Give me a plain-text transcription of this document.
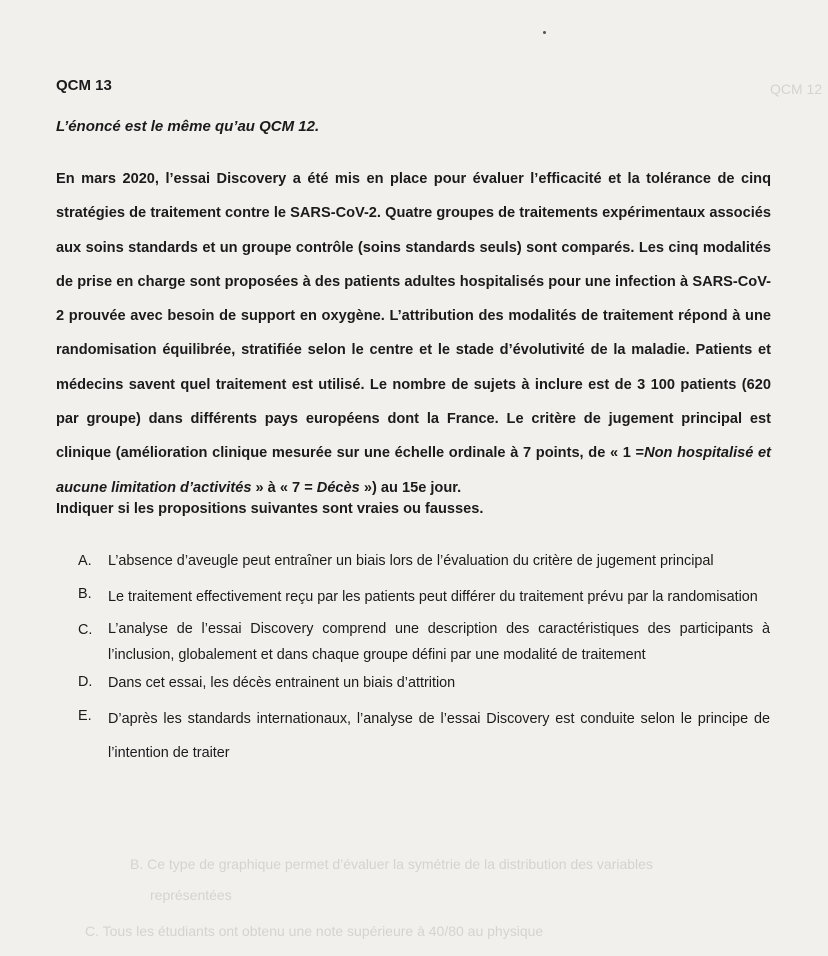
QCM 12
B. Ce type de graphique permet d’évaluer la symétrie de la distribution des variables
représentées
C. Tous les étudiants ont obtenu une note supérieure à 40/80 au physique
QCM 13
L’énoncé est le même qu’au QCM 12.
En mars 2020, l’essai Discovery a été mis en place pour évaluer l’efficacité et la tolérance de cinq stratégies de traitement contre le SARS-CoV-2. Quatre groupes de traitements expérimentaux associés aux soins standards et un groupe contrôle (soins standards seuls) sont comparés. Les cinq modalités de prise en charge sont proposées à des patients adultes hospitalisés pour une infection à SARS-CoV-2 prouvée avec besoin de support en oxygène. L’attribution des modalités de traitement répond à une randomisation équilibrée, stratifiée selon le centre et le stade d’évolutivité de la maladie. Patients et médecins savent quel traitement est utilisé. Le nombre de sujets à inclure est de 3 100 patients (620 par groupe) dans différents pays européens dont la France. Le critère de jugement principal est clinique (amélioration clinique mesurée sur une échelle ordinale à 7 points, de « 1 =Non hospitalisé et aucune limitation d’activités » à « 7 = Décès ») au 15e jour.
Indiquer si les propositions suivantes sont vraies ou fausses.
A.	L’absence d’aveugle peut entraîner un biais lors de l’évaluation du critère de jugement principal
B.	Le traitement effectivement reçu par les patients peut différer du traitement prévu par la randomisation
C.	L’analyse de l’essai Discovery comprend une description des caractéristiques des participants à l’inclusion, globalement et dans chaque groupe défini par une modalité de traitement
D.	Dans cet essai, les décès entrainent un biais d’attrition
E.	D’après les standards internationaux, l’analyse de l’essai Discovery est conduite selon le principe de l’intention de traiter
